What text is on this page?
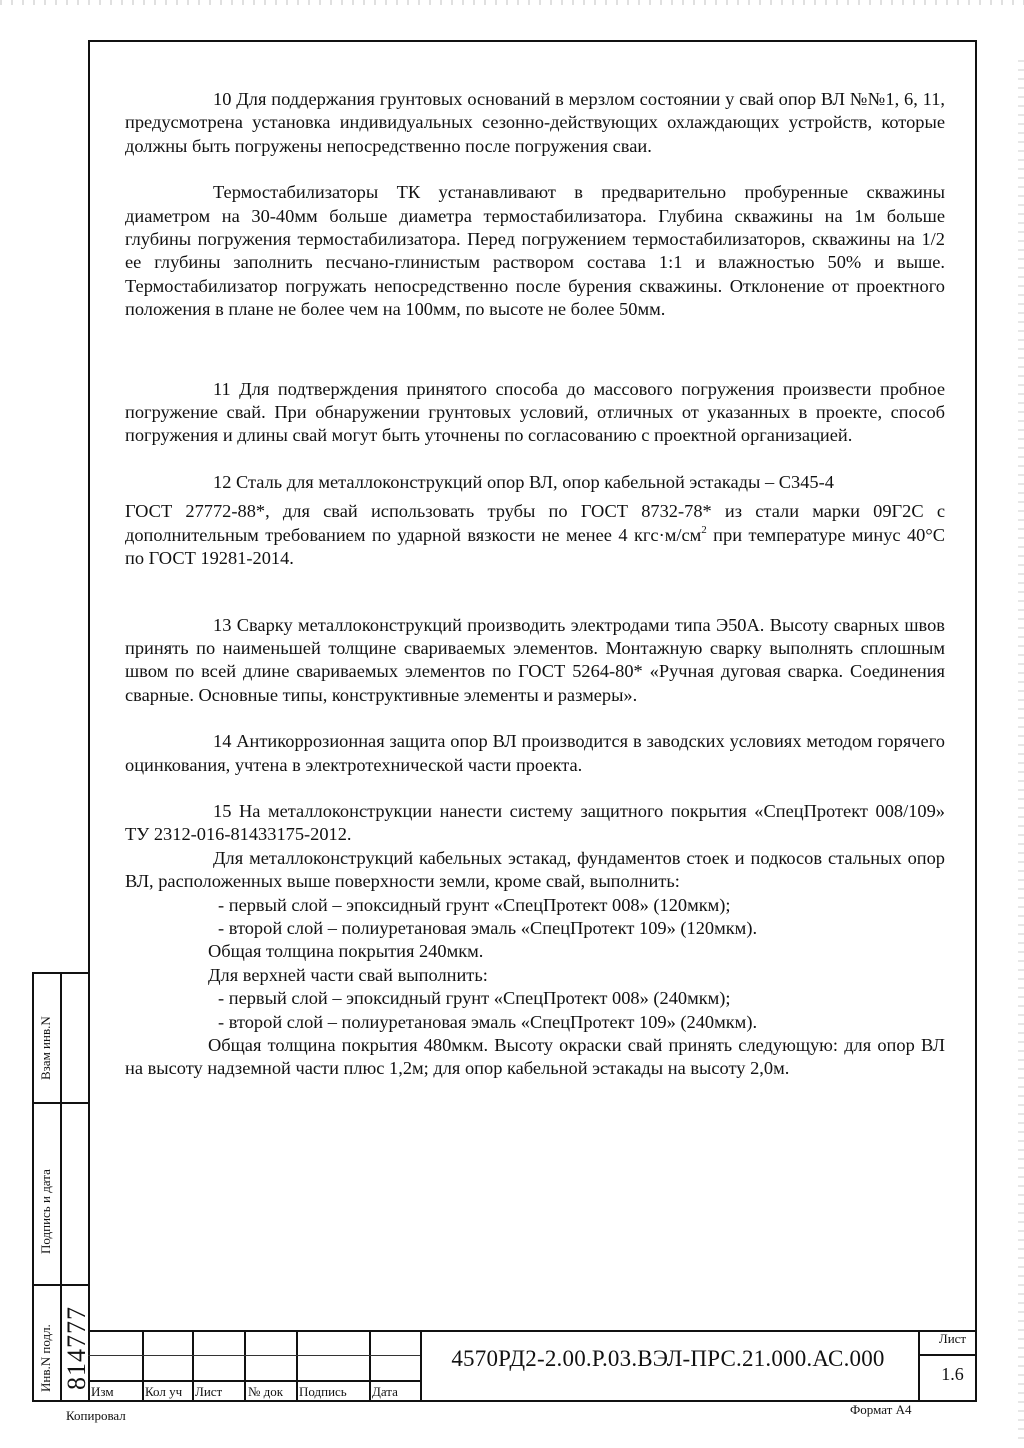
10 Для поддержания грунтовых оснований в мерзлом состоянии у свай опор ВЛ №№1, 6, 11, предусмотрена установка индивидуальных сезонно-действующих охлаждающих устройств, которые должны быть погружены непосредственно после погружения сваи.

Термостабилизаторы ТК устанавливают в предварительно пробуренные скважины диаметром на 30-40мм больше диаметра термостабилизатора. Глубина скважины на 1м больше глубины погружения термостабилизатора. Перед погружением термостабилизаторов, скважины на 1/2 ее глубины заполнить песчано-глинистым раствором состава 1:1 и влажностью 50% и выше. Термостабилизатор погружать непосредственно после бурения скважины. Отклонение от проектного положения в плане не более чем на 100мм, по высоте не более 50мм.

11 Для подтверждения принятого способа до массового погружения произвести пробное погружение свай. При обнаружении грунтовых условий, отличных от указанных в проекте, способ погружения и длины свай могут быть уточнены по согласованию с проектной организацией.

12 Сталь для металлоконструкций опор ВЛ, опор кабельной эстакады – С345-4

ГОСТ 27772-88*, для свай использовать трубы по ГОСТ 8732-78* из стали марки 09Г2С с дополнительным требованием по ударной вязкости не менее 4 $кгс\cdot м/см^2$ при температуре минус 40°С по ГОСТ 19281-2014.

13 Сварку металлоконструкций производить электродами типа Э50А. Высоту сварных швов принять по наименьшей толщине свариваемых элементов. Монтажную сварку выполнять сплошным швом по всей длине свариваемых элементов по ГОСТ 5264-80* «Ручная дуговая сварка. Соединения сварные. Основные типы, конструктивные элементы и размеры».

14 Антикоррозионная защита опор ВЛ производится в заводских условиях методом горячего оцинкования, учтена в электротехнической части проекта.

15 На металлоконструкции нанести систему защитного покрытия «СпецПротект 008/109» ТУ 2312-016-81433175-2012.

Для металлоконструкций кабельных эстакад, фундаментов стоек и подкосов стальных опор ВЛ, расположенных выше поверхности земли, кроме свай, выполнить:

- первый слой – эпоксидный грунт «СпецПротект 008» (120мкм);

- второй слой – полиуретановая эмаль «СпецПротект 109» (120мкм).

Общая толщина покрытия 240мкм.

Для верхней части свай выполнить:

- первый слой – эпоксидный грунт «СпецПротект 008» (240мкм);

- второй слой – полиуретановая эмаль «СпецПротект 109» (240мкм).

Общая толщина покрытия 480мкм. Высоту окраски свай принять следующую: для опор ВЛ на высоту надземной части плюс 1,2м; для опор кабельной эстакады на высоту 2,0м.

Взам инв.N
Подпись и дата
Инв.N подл. 814777
Изм Кол уч Лист № док Подпись Дата
4570РД2-2.00.Р.03.ВЭЛ-ПРС.21.000.АС.000
Лист
1.6
Копировал	Формат А4
